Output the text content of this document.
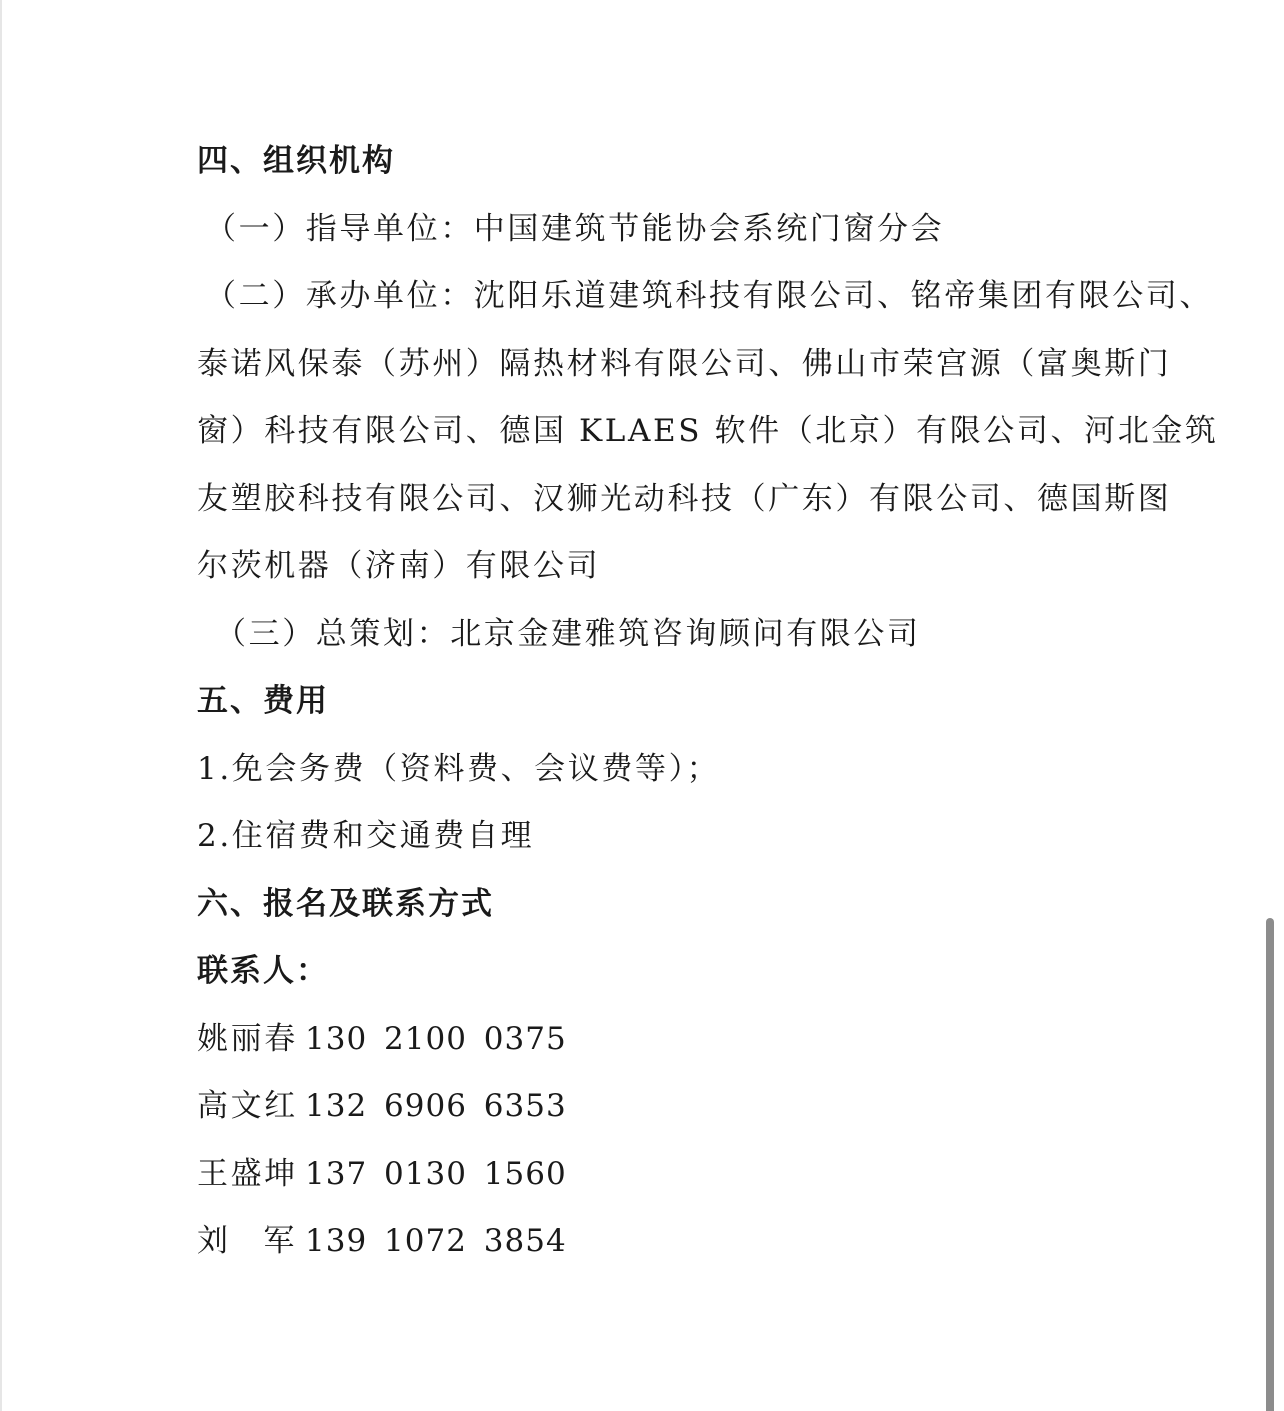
四、组织机构
（一）指导单位：中国建筑节能协会系统门窗分会
（二）承办单位：沈阳乐道建筑科技有限公司、铭帝集团有限公司、
泰诺风保泰（苏州）隔热材料有限公司、佛山市荣宫源（富奥斯门
窗）科技有限公司、德国 KLAES 软件（北京）有限公司、河北金筑
友塑胶科技有限公司、汉狮光动科技（广东）有限公司、德国斯图
尔茨机器（济南）有限公司
（三）总策划：北京金建雅筑咨询顾问有限公司
五、费用
1.免会务费（资料费、会议费等）；
2.住宿费和交通费自理
六、报名及联系方式
联系人：
姚丽春 130 2100 0375
高文红 132 6906 6353
王盛坤 137 0130 1560
刘 军 139 1072 3854
